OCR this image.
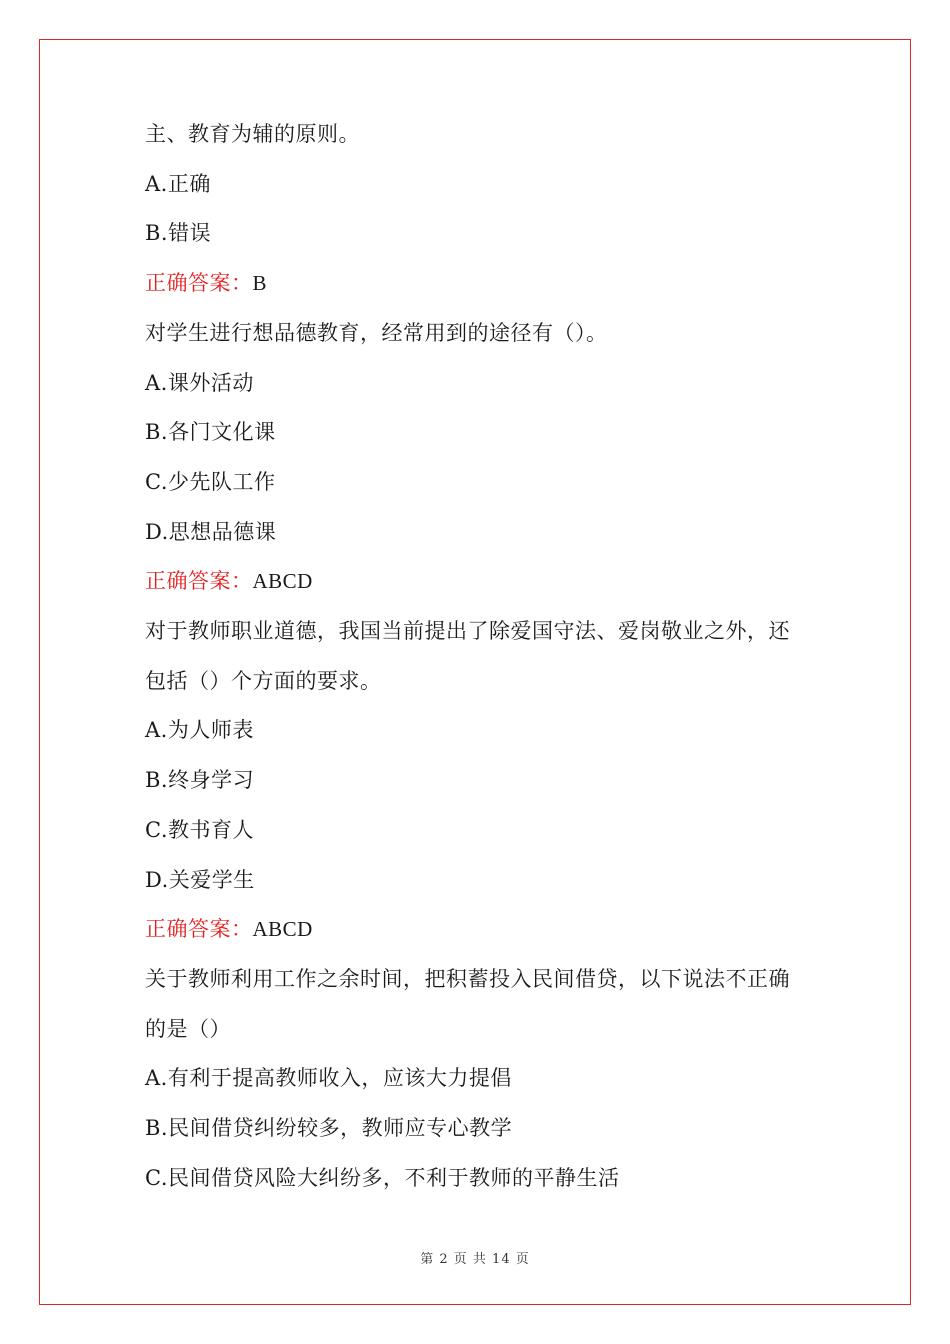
主、教育为辅的原则。
A.正确
B.错误
正确答案：B
对学生进行想品德教育，经常用到的途径有（）。
A.课外活动
B.各门文化课
C.少先队工作
D.思想品德课
正确答案：ABCD
对于教师职业道德，我国当前提出了除爱国守法、爱岗敬业之外，还
包括（）个方面的要求。
A.为人师表
B.终身学习
C.教书育人
D.关爱学生
正确答案：ABCD
关于教师利用工作之余时间，把积蓄投入民间借贷，以下说法不正确
的是（）
A.有利于提高教师收入，应该大力提倡
B.民间借贷纠纷较多，教师应专心教学
C.民间借贷风险大纠纷多，不利于教师的平静生活
第 2 页 共 14 页
